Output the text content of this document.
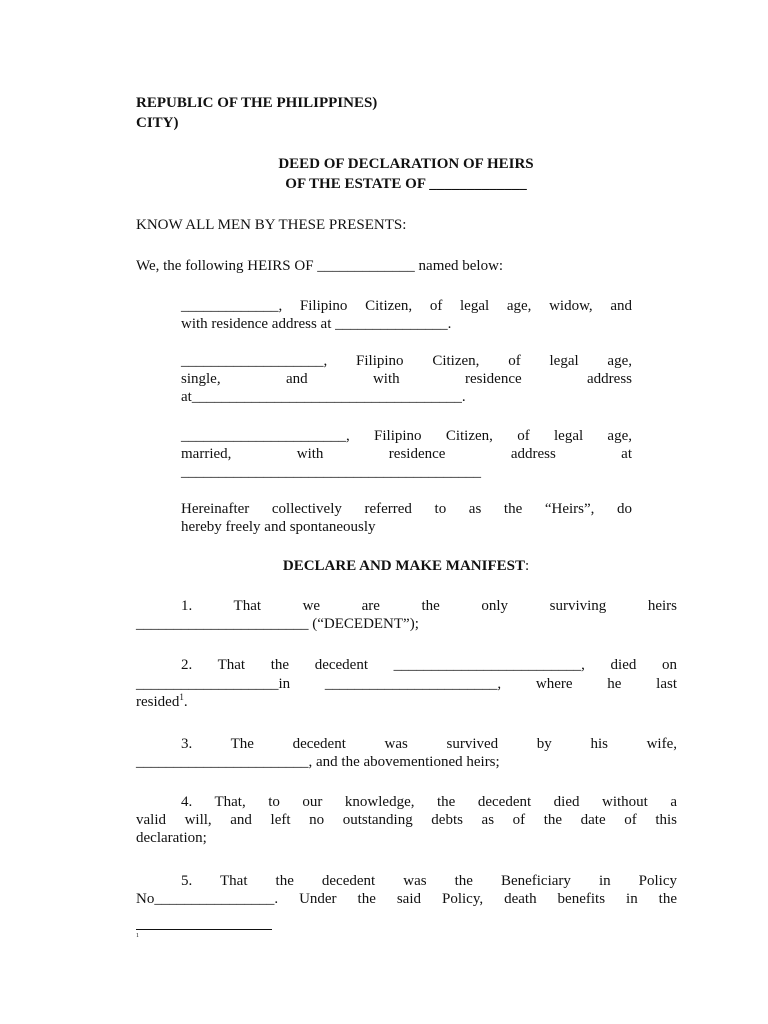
REPUBLIC OF THE PHILIPPINES)
CITY)
DEED OF DECLARATION OF HEIRS
OF THE ESTATE OF _____________
KNOW ALL MEN BY THESE PRESENTS:
We, the following HEIRS OF _____________ named below:
_____________, Filipino Citizen, of legal age, widow, and
with residence address at _______________.
___________________, Filipino Citizen, of legal age,
single, and with residence address
at____________________________________.
______________________, Filipino Citizen, of legal age,
married, with residence address at
________________________________________
Hereinafter collectively referred to as the “Heirs”, do
hereby freely and spontaneously
DECLARE AND MAKE MANIFEST:
1. That we are the only surviving heirs
_______________________ (“DECEDENT”);
2. That the decedent _________________________, died on
___________________in _______________________, where he last
resided$^1$.
3. The decedent was survived by his wife,
_______________________, and the abovementioned heirs;
4. That, to our knowledge, the decedent died without a
valid will, and left no outstanding debts as of the date of this
declaration;
5. That the decedent was the Beneficiary in Policy
No________________. Under the said Policy, death benefits in the
1
